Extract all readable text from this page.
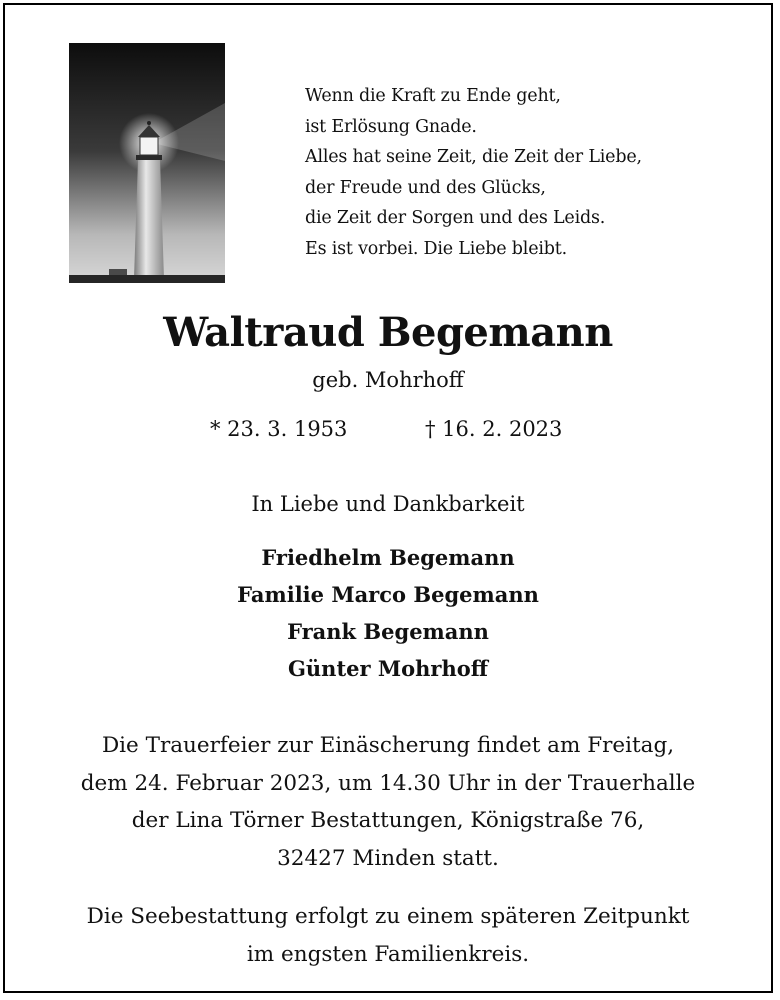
Wenn die Kraft zu Ende geht,
ist Erlösung Gnade.
Alles hat seine Zeit, die Zeit der Liebe,
der Freude und des Glücks,
die Zeit der Sorgen und des Leids.
Es ist vorbei. Die Liebe bleibt.
Waltraud Begemann
geb. Mohrhoff
* 23. 3. 1953	† 16. 2. 2023
In Liebe und Dankbarkeit
Friedhelm Begemann
Familie Marco Begemann
Frank Begemann
Günter Mohrhoff
Die Trauerfeier zur Einäscherung findet am Freitag,
dem 24. Februar 2023, um 14.30 Uhr in der Trauerhalle
der Lina Törner Bestattungen, Königstraße 76,
32427 Minden statt.
Die Seebestattung erfolgt zu einem späteren Zeitpunkt
im engsten Familienkreis.
